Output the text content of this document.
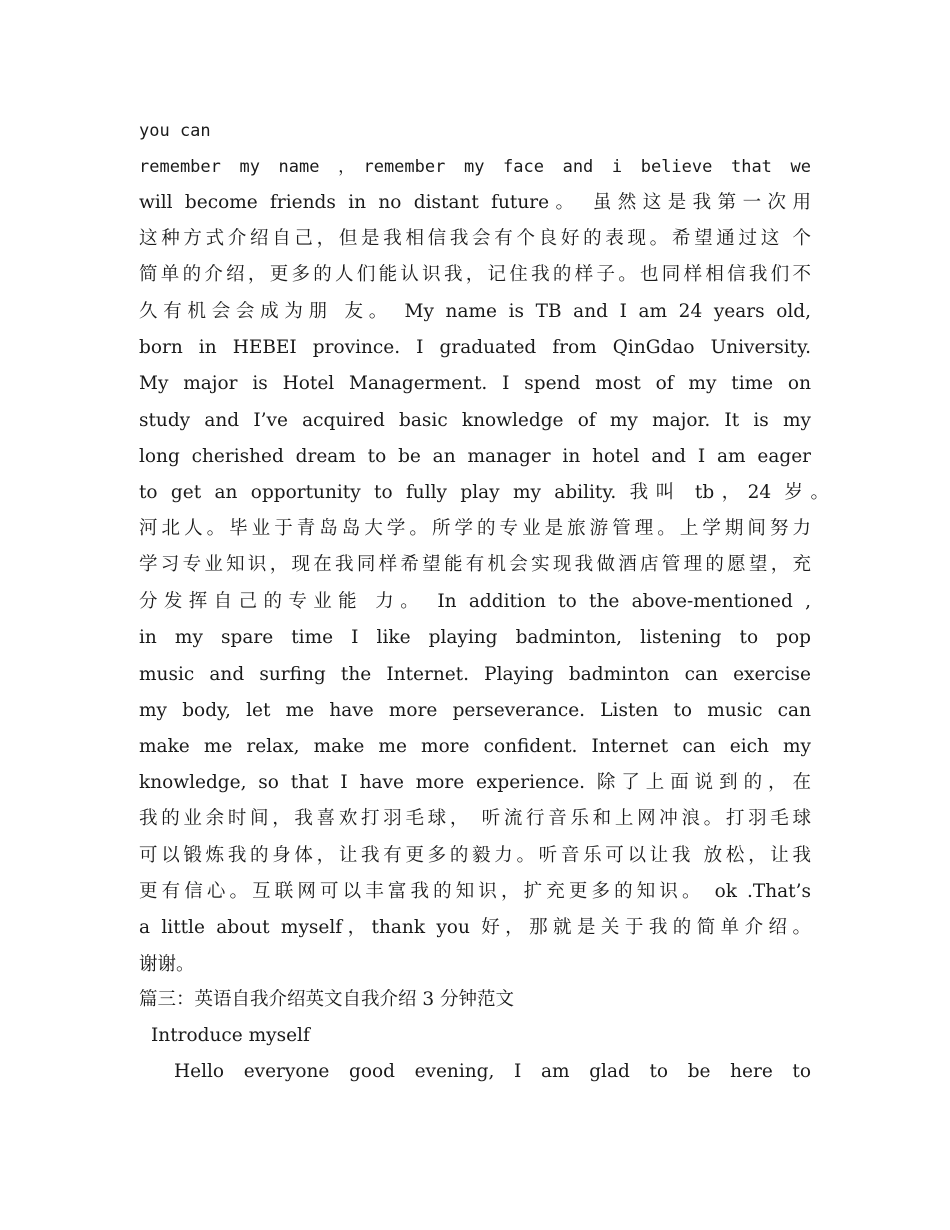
you can
remember my name ，remember my face and i believe that we
will become friends in no distant future。 虽然这是我第一次用
这种方式介绍自己，但是我相信我会有个良好的表现。希望通过这 个
简单的介绍，更多的人们能认识我，记住我的样子。也同样相信我们不
久有机会会成为朋 友。 My name is TB and I am 24 years old,
born in HEBEI province. I graduated from QinGdao University.
My major is Hotel Managerment. I spend most of my time on
study and I’ve acquired basic knowledge of my major. It is my
long cherished dream to be an manager in hotel and I am eager
to get an opportunity to fully play my ability. 我叫 tb，24 岁。
河北人。毕业于青岛岛大学。所学的专业是旅游管理。上学期间努力
学习专业知识，现在我同样希望能有机会实现我做酒店管理的愿望，充
分发挥自己的专业能 力。 In addition to the above-mentioned ,
in my spare time I like playing badminton, listening to pop
music and surfing the Internet. Playing badminton can exercise
my body, let me have more perseverance. Listen to music can
make me relax, make me more confident. Internet can eich my
knowledge, so that I have more experience. 除了上面说到的，在
我的业余时间，我喜欢打羽毛球， 听流行音乐和上网冲浪。打羽毛球
可以锻炼我的身体，让我有更多的毅力。听音乐可以让我 放松，让我
更有信心。互联网可以丰富我的知识，扩充更多的知识。 ok .That’s
a little about myself，thank you 好，那就是关于我的简单介绍。
谢谢。
篇三：英语自我介绍英文自我介绍 3 分钟范文
Introduce myself
Hello everyone good evening, I am glad to be here to
